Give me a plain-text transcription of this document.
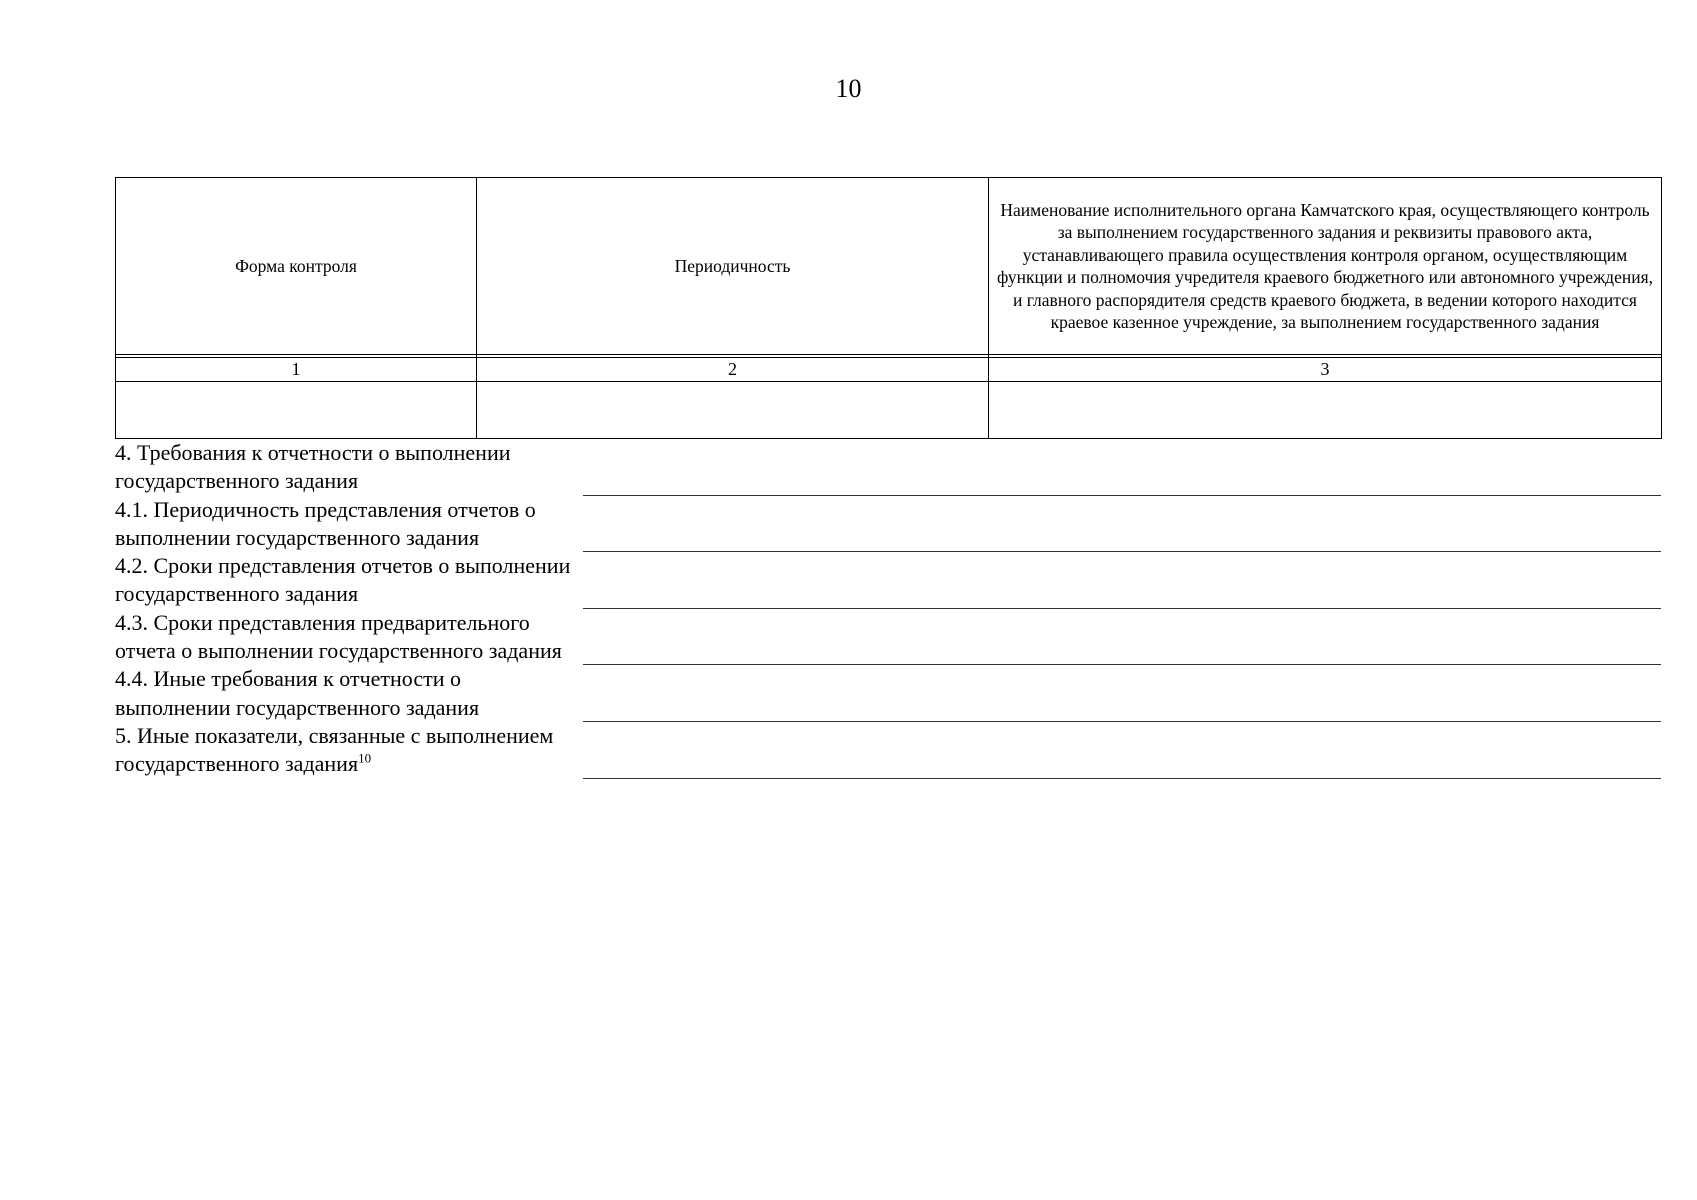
10
Форма контроля	Периодичность	Наименование исполнительного органа Камчатского края, осуществляющего контроль за выполнением государственного задания и реквизиты правового акта, устанавливающего правила осуществления контроля органом, осуществляющим функции и полномочия учредителя краевого бюджетного или автономного учреждения, и главного распорядителя средств краевого бюджета, в ведении которого находится краевое казенное учреждение, за выполнением государственного задания

1	2	3

4. Требования к отчетности о выполнении государственного задания
4.1. Периодичность представления отчетов о выполнении государственного задания
4.2. Сроки представления отчетов о выполнении государственного задания
4.3. Сроки представления предварительного отчета о выполнении государственного задания
4.4. Иные требования к отчетности о выполнении государственного задания
5. Иные показатели, связанные с выполнением государственного задания$^{10}$
